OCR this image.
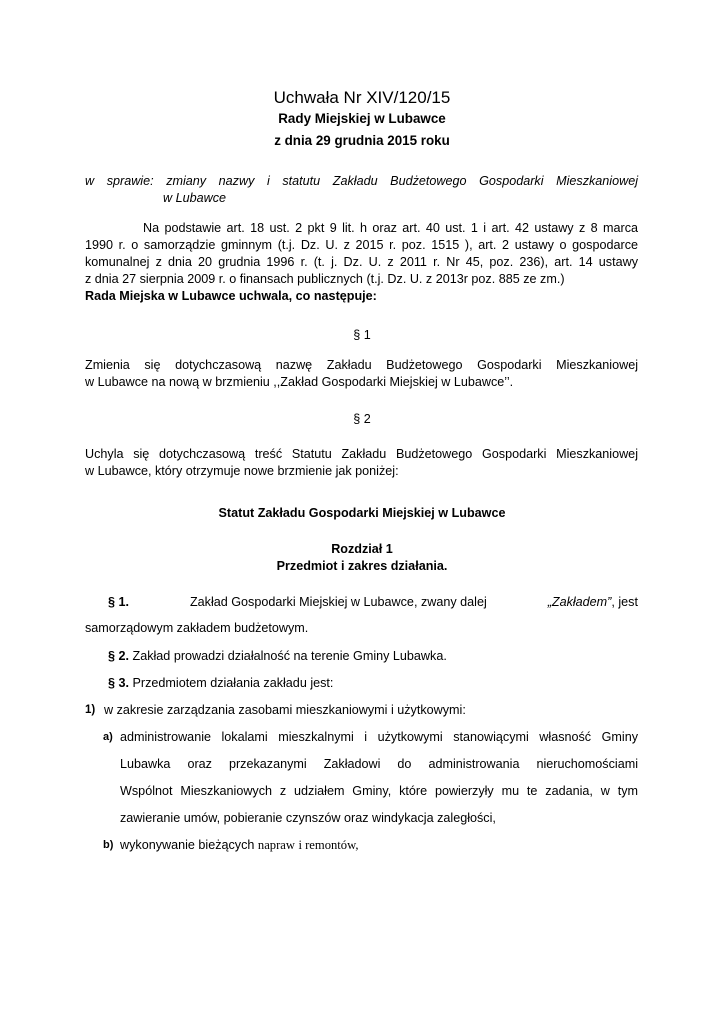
Uchwała Nr XIV/120/15
Rady Miejskiej w Lubawce
z dnia 29 grudnia 2015 roku
w sprawie: zmiany nazwy i statutu Zakładu Budżetowego Gospodarki Mieszkaniowej
w Lubawce
Na podstawie art. 18 ust. 2 pkt 9 lit. h oraz art. 40 ust. 1 i art. 42 ustawy z 8 marca
1990 r. o samorządzie gminnym (t.j. Dz. U. z 2015 r. poz. 1515 ), art. 2 ustawy o gospodarce
komunalnej z dnia 20 grudnia 1996 r. (t. j. Dz. U. z 2011 r. Nr 45, poz. 236), art. 14 ustawy
z dnia 27 sierpnia 2009 r. o finansach publicznych (t.j. Dz. U. z 2013r poz. 885 ze zm.)
Rada Miejska w Lubawce uchwala, co następuje:
§ 1
Zmienia się dotychczasową nazwę Zakładu Budżetowego Gospodarki Mieszkaniowej
w Lubawce na nową w brzmieniu ,,Zakład Gospodarki Miejskiej w Lubawce’’.
§ 2
Uchyla się dotychczasową treść Statutu Zakładu Budżetowego Gospodarki Mieszkaniowej
w Lubawce, który otrzymuje nowe brzmienie jak poniżej:
Statut Zakładu Gospodarki Miejskiej w Lubawce
Rozdział 1
Przedmiot i zakres działania.
§ 1.	Zakład Gospodarki Miejskiej w Lubawce, zwany dalej	„Zakładem”, jest
samorządowym zakładem budżetowym.
§ 2. Zakład prowadzi działalność na terenie Gminy Lubawka.
§ 3. Przedmiotem działania zakładu jest:
1) w zakresie zarządzania zasobami mieszkaniowymi i użytkowymi:
a) administrowanie lokalami mieszkalnymi i użytkowymi stanowiącymi własność Gminy
Lubawka oraz przekazanymi Zakładowi do administrowania nieruchomościami
Wspólnot Mieszkaniowych z udziałem Gminy, które powierzyły mu te zadania, w tym
zawieranie umów, pobieranie czynszów oraz windykacja zaległości,
b) wykonywanie bieżących napraw i remontów,
